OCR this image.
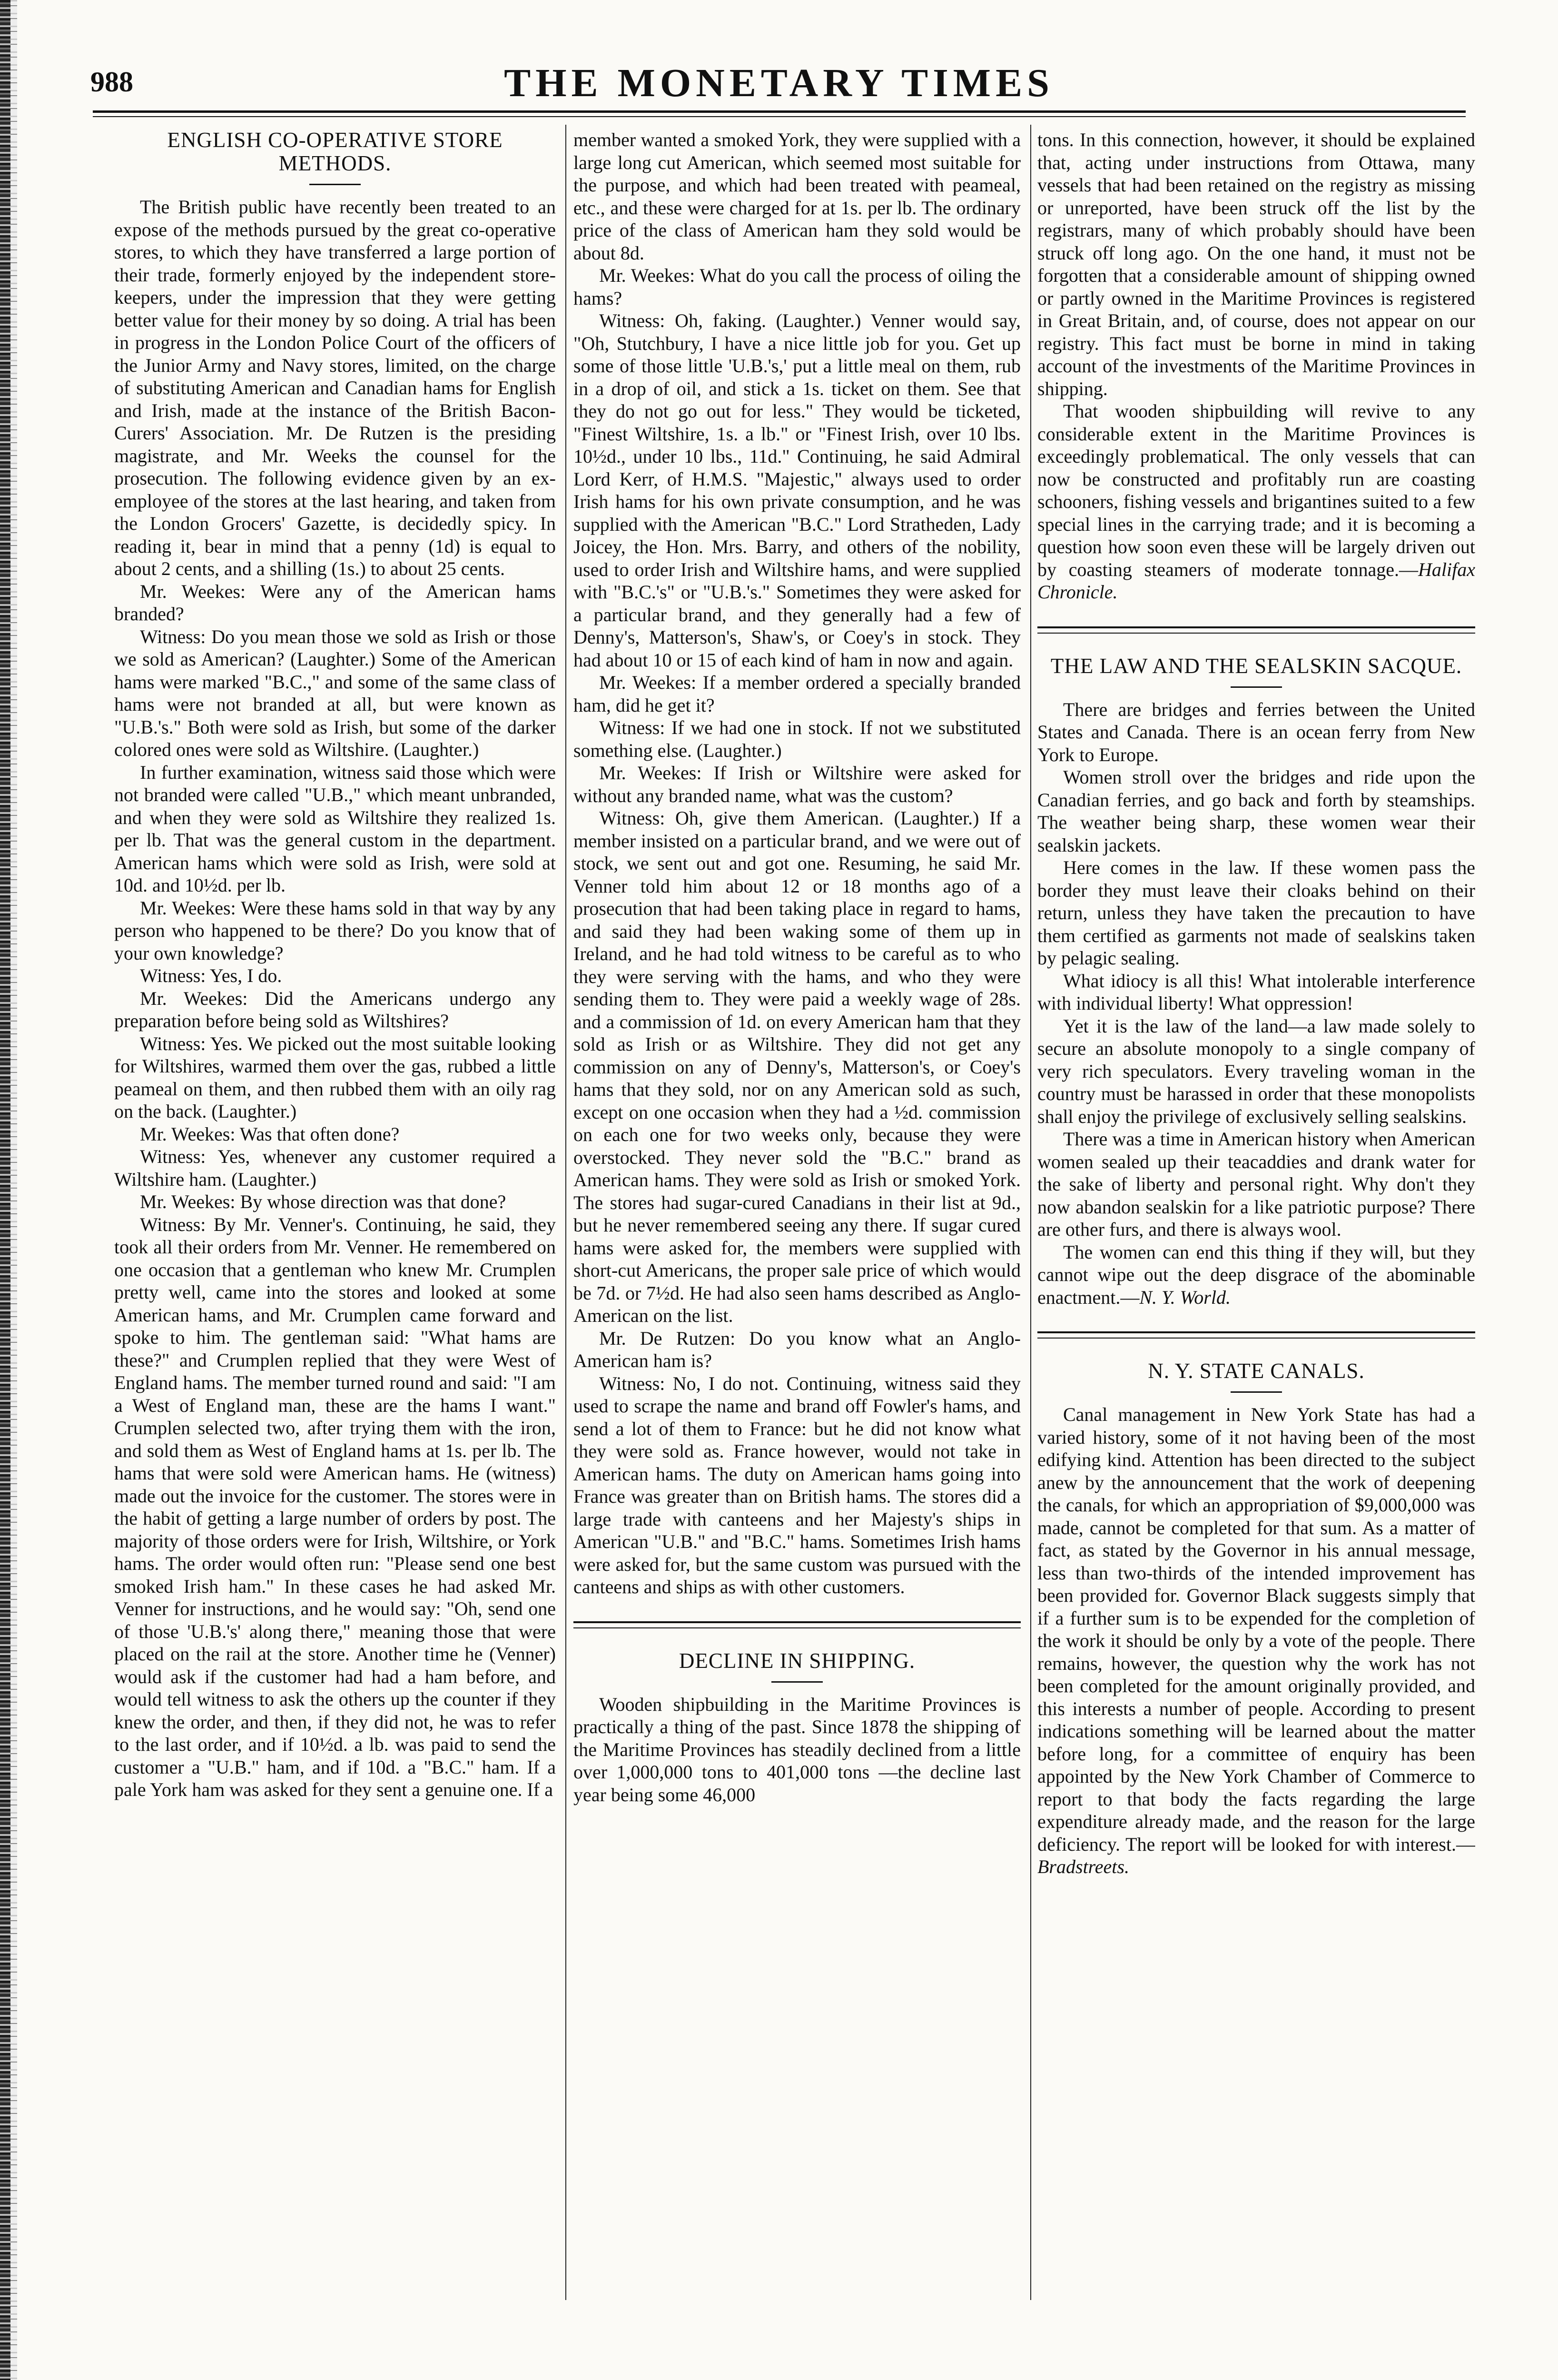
988	THE MONETARY TIMES
ENGLISH CO-OPERATIVE STORE METHODS.

The British public have recently been treated to an expose of the methods pursued by the great co-operative stores, to which they have transferred a large portion of their trade, formerly enjoyed by the independent store-keepers, under the impression that they were getting better value for their money by so doing. A trial has been in progress in the London Police Court of the officers of the Junior Army and Navy stores, limited, on the charge of substituting American and Canadian hams for English and Irish, made at the instance of the British Bacon-Curers' Association. Mr. De Rutzen is the presiding magistrate, and Mr. Weeks the counsel for the prosecution. The following evidence given by an ex-employee of the stores at the last hearing, and taken from the London Grocers' Gazette, is decidedly spicy. In reading it, bear in mind that a penny (1d) is equal to about 2 cents, and a shilling (1s.) to about 25 cents.

Mr. Weekes: Were any of the American hams branded?

Witness: Do you mean those we sold as Irish or those we sold as American? (Laughter.) Some of the American hams were marked "B.C.," and some of the same class of hams were not branded at all, but were known as "U.B.'s." Both were sold as Irish, but some of the darker colored ones were sold as Wiltshire. (Laughter.)

In further examination, witness said those which were not branded were called "U.B.," which meant unbranded, and when they were sold as Wiltshire they realized 1s. per lb. That was the general custom in the department. American hams which were sold as Irish, were sold at 10d. and 10½d. per lb.

Mr. Weekes: Were these hams sold in that way by any person who happened to be there? Do you know that of your own knowledge?

Witness: Yes, I do.

Mr. Weekes: Did the Americans undergo any preparation before being sold as Wiltshires?

Witness: Yes. We picked out the most suitable looking for Wiltshires, warmed them over the gas, rubbed a little peameal on them, and then rubbed them with an oily rag on the back. (Laughter.)

Mr. Weekes: Was that often done?

Witness: Yes, whenever any customer required a Wiltshire ham. (Laughter.)

Mr. Weekes: By whose direction was that done?

Witness: By Mr. Venner's. Continuing, he said, they took all their orders from Mr. Venner. He remembered on one occasion that a gentleman who knew Mr. Crumplen pretty well, came into the stores and looked at some American hams, and Mr. Crumplen came forward and spoke to him. The gentleman said: "What hams are these?" and Crumplen replied that they were West of England hams. The member turned round and said: "I am a West of England man, these are the hams I want." Crumplen selected two, after trying them with the iron, and sold them as West of England hams at 1s. per lb. The hams that were sold were American hams. He (witness) made out the invoice for the customer. The stores were in the habit of getting a large number of orders by post. The majority of those orders were for Irish, Wiltshire, or York hams. The order would often run: "Please send one best smoked Irish ham." In these cases he had asked Mr. Venner for instructions, and he would say: "Oh, send one of those 'U.B.'s' along there," meaning those that were placed on the rail at the store. Another time he (Venner) would ask if the customer had had a ham before, and would tell witness to ask the others up the counter if they knew the order, and then, if they did not, he was to refer to the last order, and if 10½d. a lb. was paid to send the customer a "U.B." ham, and if 10d. a "B.C." ham. If a pale York ham was asked for they sent a genuine one. If a

member wanted a smoked York, they were supplied with a large long cut American, which seemed most suitable for the purpose, and which had been treated with peameal, etc., and these were charged for at 1s. per lb. The ordinary price of the class of American ham they sold would be about 8d.

Mr. Weekes: What do you call the process of oiling the hams?

Witness: Oh, faking. (Laughter.) Venner would say, "Oh, Stutchbury, I have a nice little job for you. Get up some of those little 'U.B.'s,' put a little meal on them, rub in a drop of oil, and stick a 1s. ticket on them. See that they do not go out for less." They would be ticketed, "Finest Wiltshire, 1s. a lb." or "Finest Irish, over 10 lbs. 10½d., under 10 lbs., 11d." Continuing, he said Admiral Lord Kerr, of H.M.S. "Majestic," always used to order Irish hams for his own private consumption, and he was supplied with the American "B.C." Lord Stratheden, Lady Joicey, the Hon. Mrs. Barry, and others of the nobility, used to order Irish and Wiltshire hams, and were supplied with "B.C.'s" or "U.B.'s." Sometimes they were asked for a particular brand, and they generally had a few of Denny's, Matterson's, Shaw's, or Coey's in stock. They had about 10 or 15 of each kind of ham in now and again.

Mr. Weekes: If a member ordered a specially branded ham, did he get it?

Witness: If we had one in stock. If not we substituted something else. (Laughter.)

Mr. Weekes: If Irish or Wiltshire were asked for without any branded name, what was the custom?

Witness: Oh, give them American. (Laughter.) If a member insisted on a particular brand, and we were out of stock, we sent out and got one. Resuming, he said Mr. Venner told him about 12 or 18 months ago of a prosecution that had been taking place in regard to hams, and said they had been waking some of them up in Ireland, and he had told witness to be careful as to who they were serving with the hams, and who they were sending them to. They were paid a weekly wage of 28s. and a commission of 1d. on every American ham that they sold as Irish or as Wiltshire. They did not get any commission on any of Denny's, Matterson's, or Coey's hams that they sold, nor on any American sold as such, except on one occasion when they had a ½d. commission on each one for two weeks only, because they were overstocked. They never sold the "B.C." brand as American hams. They were sold as Irish or smoked York. The stores had sugar-cured Canadians in their list at 9d., but he never remembered seeing any there. If sugar cured hams were asked for, the members were supplied with short-cut Americans, the proper sale price of which would be 7d. or 7½d. He had also seen hams described as Anglo-American on the list.

Mr. De Rutzen: Do you know what an Anglo-American ham is?

Witness: No, I do not. Continuing, witness said they used to scrape the name and brand off Fowler's hams, and send a lot of them to France: but he did not know what they were sold as. France however, would not take in American hams. The duty on American hams going into France was greater than on British hams. The stores did a large trade with canteens and her Majesty's ships in American "U.B." and "B.C." hams. Sometimes Irish hams were asked for, but the same custom was pursued with the canteens and ships as with other customers.

DECLINE IN SHIPPING.

Wooden shipbuilding in the Maritime Provinces is practically a thing of the past. Since 1878 the shipping of the Maritime Provinces has steadily declined from a little over 1,000,000 tons to 401,000 tons —the decline last year being some 46,000

tons. In this connection, however, it should be explained that, acting under instructions from Ottawa, many vessels that had been retained on the registry as missing or unreported, have been struck off the list by the registrars, many of which probably should have been struck off long ago. On the one hand, it must not be forgotten that a considerable amount of shipping owned or partly owned in the Maritime Provinces is registered in Great Britain, and, of course, does not appear on our registry. This fact must be borne in mind in taking account of the investments of the Maritime Provinces in shipping.

That wooden shipbuilding will revive to any considerable extent in the Maritime Provinces is exceedingly problematical. The only vessels that can now be constructed and profitably run are coasting schooners, fishing vessels and brigantines suited to a few special lines in the carrying trade; and it is becoming a question how soon even these will be largely driven out by coasting steamers of moderate tonnage.—Halifax Chronicle.

THE LAW AND THE SEALSKIN SACQUE.

There are bridges and ferries between the United States and Canada. There is an ocean ferry from New York to Europe.

Women stroll over the bridges and ride upon the Canadian ferries, and go back and forth by steamships. The weather being sharp, these women wear their sealskin jackets.

Here comes in the law. If these women pass the border they must leave their cloaks behind on their return, unless they have taken the precaution to have them certified as garments not made of sealskins taken by pelagic sealing.

What idiocy is all this! What intolerable interference with individual liberty! What oppression!

Yet it is the law of the land—a law made solely to secure an absolute monopoly to a single company of very rich speculators. Every traveling woman in the country must be harassed in order that these monopolists shall enjoy the privilege of exclusively selling sealskins.

There was a time in American history when American women sealed up their teacaddies and drank water for the sake of liberty and personal right. Why don't they now abandon sealskin for a like patriotic purpose? There are other furs, and there is always wool.

The women can end this thing if they will, but they cannot wipe out the deep disgrace of the abominable enactment.—N. Y. World.

N. Y. STATE CANALS.

Canal management in New York State has had a varied history, some of it not having been of the most edifying kind. Attention has been directed to the subject anew by the announcement that the work of deepening the canals, for which an appropriation of $9,000,000 was made, cannot be completed for that sum. As a matter of fact, as stated by the Governor in his annual message, less than two-thirds of the intended improvement has been provided for. Governor Black suggests simply that if a further sum is to be expended for the completion of the work it should be only by a vote of the people. There remains, however, the question why the work has not been completed for the amount originally provided, and this interests a number of people. According to present indications something will be learned about the matter before long, for a committee of enquiry has been appointed by the New York Chamber of Commerce to report to that body the facts regarding the large expenditure already made, and the reason for the large deficiency. The report will be looked for with interest.—Bradstreets.
